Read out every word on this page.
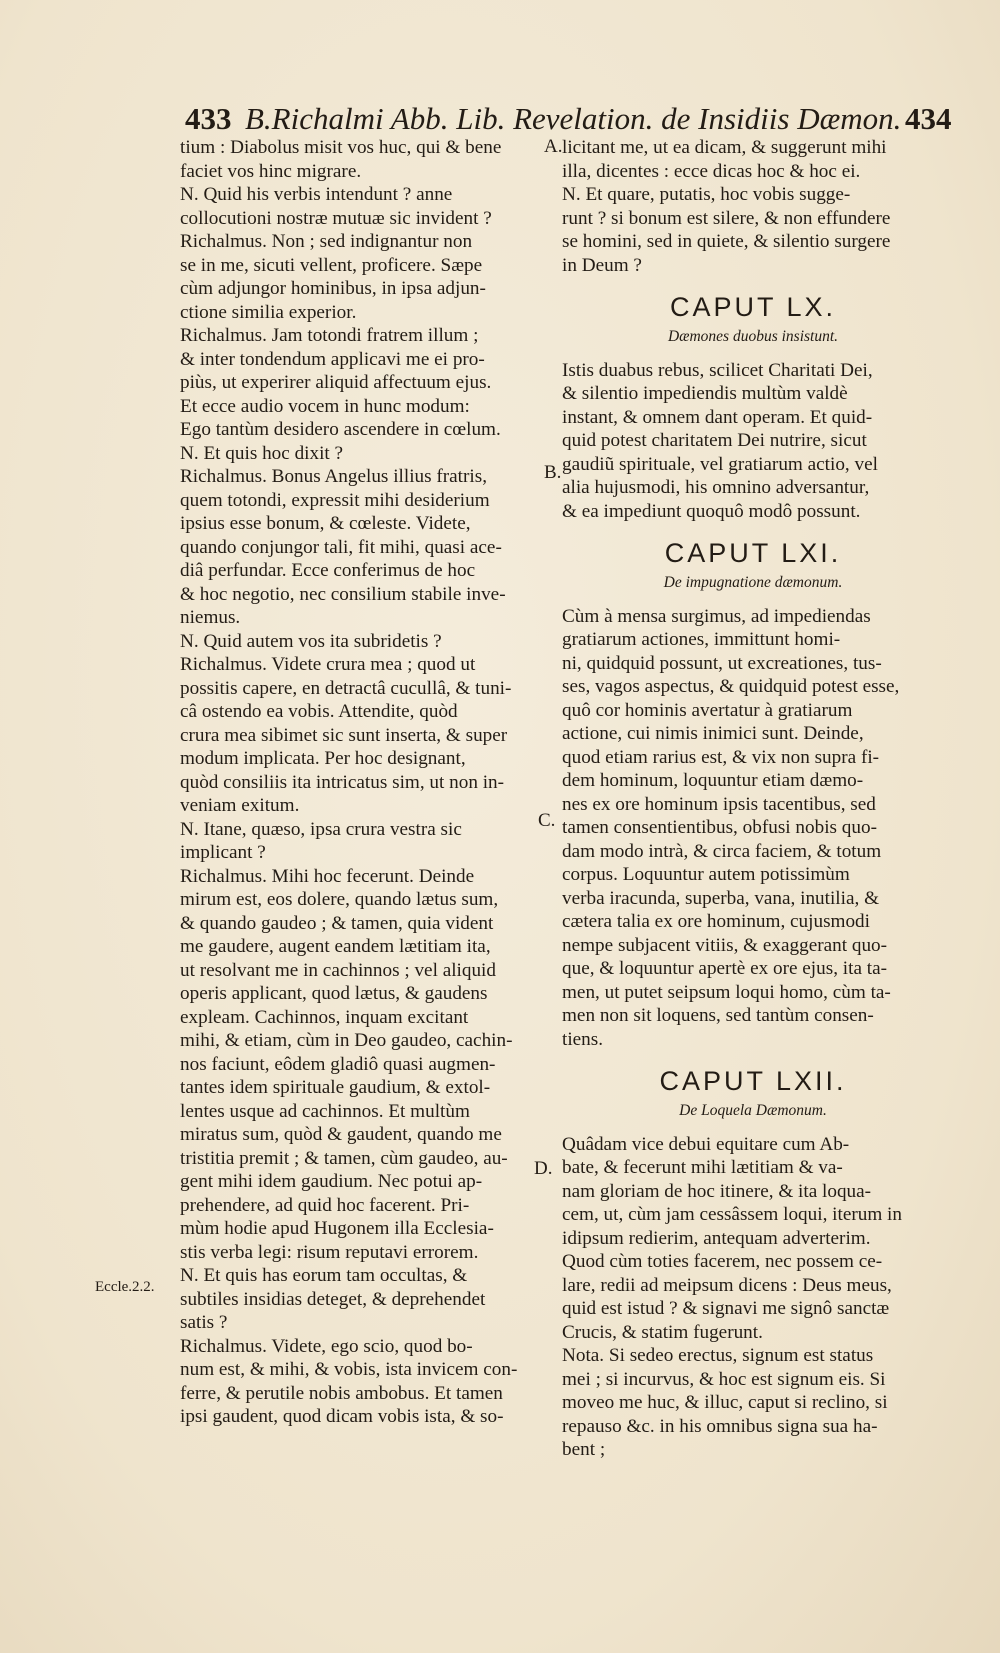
433 B.Richalmi Abb. Lib. Revelation. de Insidiis Dæmon. 434
tium : Diabolus misit vos huc, qui & bene
faciet vos hinc migrare.
N. Quid his verbis intendunt ? anne
collocutioni nostræ mutuæ sic invident ?
Richalmus. Non ; sed indignantur non
se in me, sicuti vellent, proficere. Sæpe
cùm adjungor hominibus, in ipsa adjun-
ctione similia experior.
Richalmus. Jam totondi fratrem illum ;
& inter tondendum applicavi me ei pro-
piùs, ut experirer aliquid affectuum ejus.
Et ecce audio vocem in hunc modum:
Ego tantùm desidero ascendere in cœlum.
N. Et quis hoc dixit ?
Richalmus. Bonus Angelus illius fratris,
quem totondi, expressit mihi desiderium
ipsius esse bonum, & cœleste. Videte,
quando conjungor tali, fit mihi, quasi ace-
diâ perfundar. Ecce conferimus de hoc
& hoc negotio, nec consilium stabile inve-
niemus.
N. Quid autem vos ita subridetis ?
Richalmus. Videte crura mea ; quod ut
possitis capere, en detractâ cucullâ, & tuni-
câ ostendo ea vobis. Attendite, quòd
crura mea sibimet sic sunt inserta, & super
modum implicata. Per hoc designant,
quòd consiliis ita intricatus sim, ut non in-
veniam exitum.
N. Itane, quæso, ipsa crura vestra sic
implicant ?
Richalmus. Mihi hoc fecerunt. Deinde
mirum est, eos dolere, quando lætus sum,
& quando gaudeo ; & tamen, quia vident
me gaudere, augent eandem lætitiam ita,
ut resolvant me in cachinnos ; vel aliquid
operis applicant, quod lætus, & gaudens
expleam. Cachinnos, inquam excitant
mihi, & etiam, cùm in Deo gaudeo, cachin-
nos faciunt, eôdem gladiô quasi augmen-
tantes idem spirituale gaudium, & extol-
lentes usque ad cachinnos. Et multùm
miratus sum, quòd & gaudent, quando me
tristitia premit ; & tamen, cùm gaudeo, au-
gent mihi idem gaudium. Nec potui ap-
prehendere, ad quid hoc facerent. Pri-
mùm hodie apud Hugonem illa Ecclesia-
stis verba legi: risum reputavi errorem.
N. Et quis has eorum tam occultas, &
subtiles insidias deteget, & deprehendet
satis ?
Richalmus. Videte, ego scio, quod bo-
num est, & mihi, & vobis, ista invicem con-
ferre, & perutile nobis ambobus. Et tamen
ipsi gaudent, quod dicam vobis ista, & so-
licitant me, ut ea dicam, & suggerunt mihi
illa, dicentes : ecce dicas hoc & hoc ei.
N. Et quare, putatis, hoc vobis sugge-
runt ? si bonum est silere, & non effundere
se homini, sed in quiete, & silentio surgere
in Deum ?
CAPUT LX.
Dæmones duobus insistunt.
Istis duabus rebus, scilicet Charitati Dei,
& silentio impediendis multùm valdè
instant, & omnem dant operam. Et quid-
quid potest charitatem Dei nutrire, sicut
gaudiũ spirituale, vel gratiarum actio, vel
alia hujusmodi, his omnino adversantur,
& ea impediunt quoquô modô possunt.
CAPUT LXI.
De impugnatione dæmonum.
Cùm à mensa surgimus, ad impediendas
gratiarum actiones, immittunt homi-
ni, quidquid possunt, ut excreationes, tus-
ses, vagos aspectus, & quidquid potest esse,
quô cor hominis avertatur à gratiarum
actione, cui nimis inimici sunt. Deinde,
quod etiam rarius est, & vix non supra fi-
dem hominum, loquuntur etiam dæmo-
nes ex ore hominum ipsis tacentibus, sed
tamen consentientibus, obfusi nobis quo-
dam modo intrà, & circa faciem, & totum
corpus. Loquuntur autem potissimùm
verba iracunda, superba, vana, inutilia, &
cætera talia ex ore hominum, cujusmodi
nempe subjacent vitiis, & exaggerant quo-
que, & loquuntur apertè ex ore ejus, ita ta-
men, ut putet seipsum loqui homo, cùm ta-
men non sit loquens, sed tantùm consen-
tiens.
CAPUT LXII.
De Loquela Dæmonum.
Quâdam vice debui equitare cum Ab-
bate, & fecerunt mihi lætitiam & va-
nam gloriam de hoc itinere, & ita loqua-
cem, ut, cùm jam cessâssem loqui, iterum in
idipsum redierim, antequam adverterim.
Quod cùm toties facerem, nec possem ce-
lare, redii ad meipsum dicens : Deus meus,
quid est istud ? & signavi me signô sanctæ
Crucis, & statim fugerunt.
Nota. Si sedeo erectus, signum est status
mei ; si incurvus, & hoc est signum eis. Si
moveo me huc, & illuc, caput si reclino, si
repauso &c. in his omnibus signa sua ha-
bent ;
A.
B.
C.
D.
Eccle.2.2.
